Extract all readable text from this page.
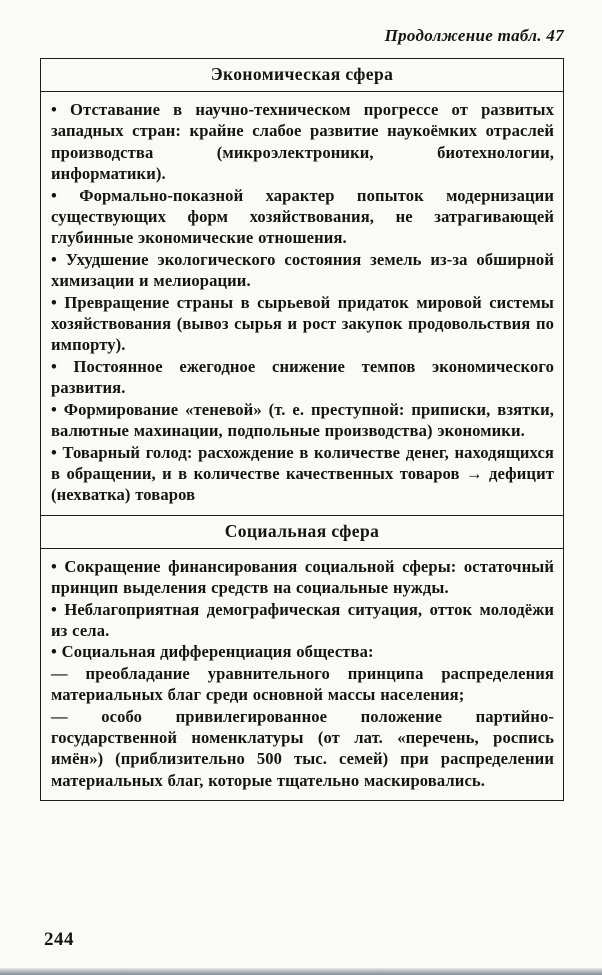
Продолжение табл. 47
Экономическая сфера

• Отставание в научно-техническом прогрессе от развитых западных стран: крайне слабое развитие наукоёмких отраслей производства (микроэлектроники, биотехнологии, информатики).

• Формально-показной характер попыток модернизации существующих форм хозяйствования, не затрагивающей глубинные экономические отношения.

• Ухудшение экологического состояния земель из-за обширной химизации и мелиорации.

• Превращение страны в сырьевой придаток мировой системы хозяйствования (вывоз сырья и рост закупок продовольствия по импорту).

• Постоянное ежегодное снижение темпов экономического развития.

• Формирование «теневой» (т. е. преступной: приписки, взятки, валютные махинации, подпольные производства) экономики.

• Товарный голод: расхождение в количестве денег, находящихся в обращении, и в количестве качественных товаров → дефицит (нехватка) товаров

Социальная сфера

• Сокращение финансирования социальной сферы: остаточный принцип выделения средств на социальные нужды.

• Неблагоприятная демографическая ситуация, отток молодёжи из села.

• Социальная дифференциация общества:

— преобладание уравнительного принципа распределения материальных благ среди основной массы населения;

— особо привилегированное положение партийно-государственной номенклатуры (от лат. «перечень, роспись имён») (приблизительно 500 тыс. семей) при распределении материальных благ, которые тщательно маскировались.

244
